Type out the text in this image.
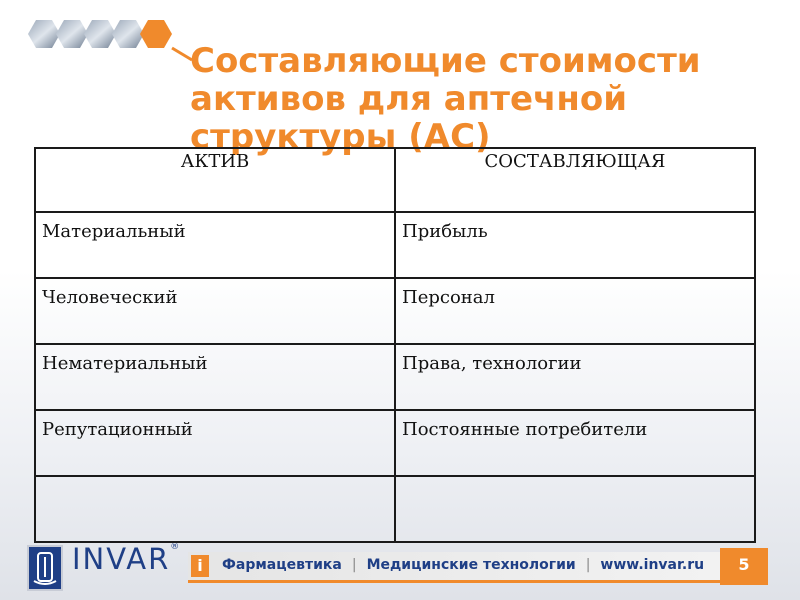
Составляющие стоимости
активов для аптечной
структуры (АС)
АКТИВ	СОСТАВЛЯЮЩАЯ
Материальный	Прибыль
Человеческий	Персонал
Нематериальный	Права, технологии
Репутационный	Постоянные потребители

INVAR®
i	Фармацевтика | Медицинские технологии | www.invar.ru	5
